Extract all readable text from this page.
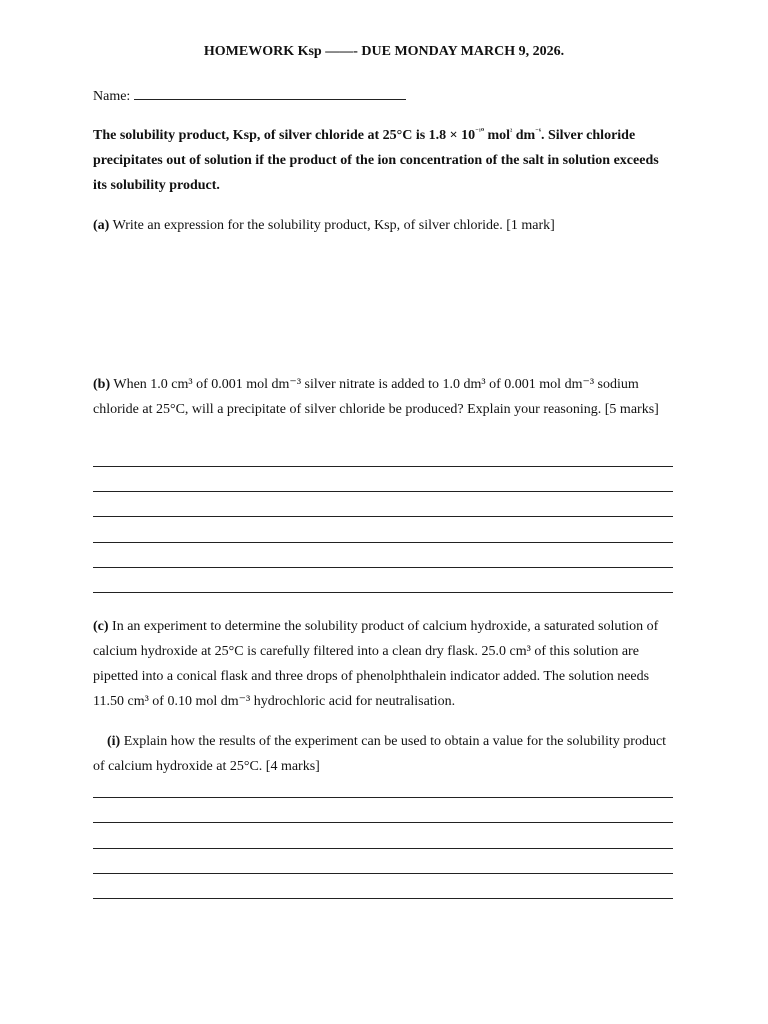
HOMEWORK Ksp ——- DUE MONDAY MARCH 9, 2026.
Name:
The solubility product, Ksp, of silver chloride at 25°C is $1.8 \times 10^{^{-10}}$ mol$^{^2}$ $dm^{^{-6}}$. Silver chloride precipitates out of solution if the product of the ion concentration of the salt in solution exceeds its solubility product.
(a) Write an expression for the solubility product, Ksp, of silver chloride. [1 mark]
(b) When 1.0 cm³ of 0.001 mol dm⁻³ silver nitrate is added to 1.0 dm³ of 0.001 mol dm⁻³ sodium chloride at 25°C, will a precipitate of silver chloride be produced? Explain your reasoning. [5 marks]
(c) In an experiment to determine the solubility product of calcium hydroxide, a saturated solution of calcium hydroxide at 25°C is carefully filtered into a clean dry flask. 25.0 cm³ of this solution are pipetted into a conical flask and three drops of phenolphthalein indicator added. The solution needs 11.50 cm³ of 0.10 mol dm⁻³ hydrochloric acid for neutralisation.
(i) Explain how the results of the experiment can be used to obtain a value for the solubility product of calcium hydroxide at 25°C. [4 marks]
